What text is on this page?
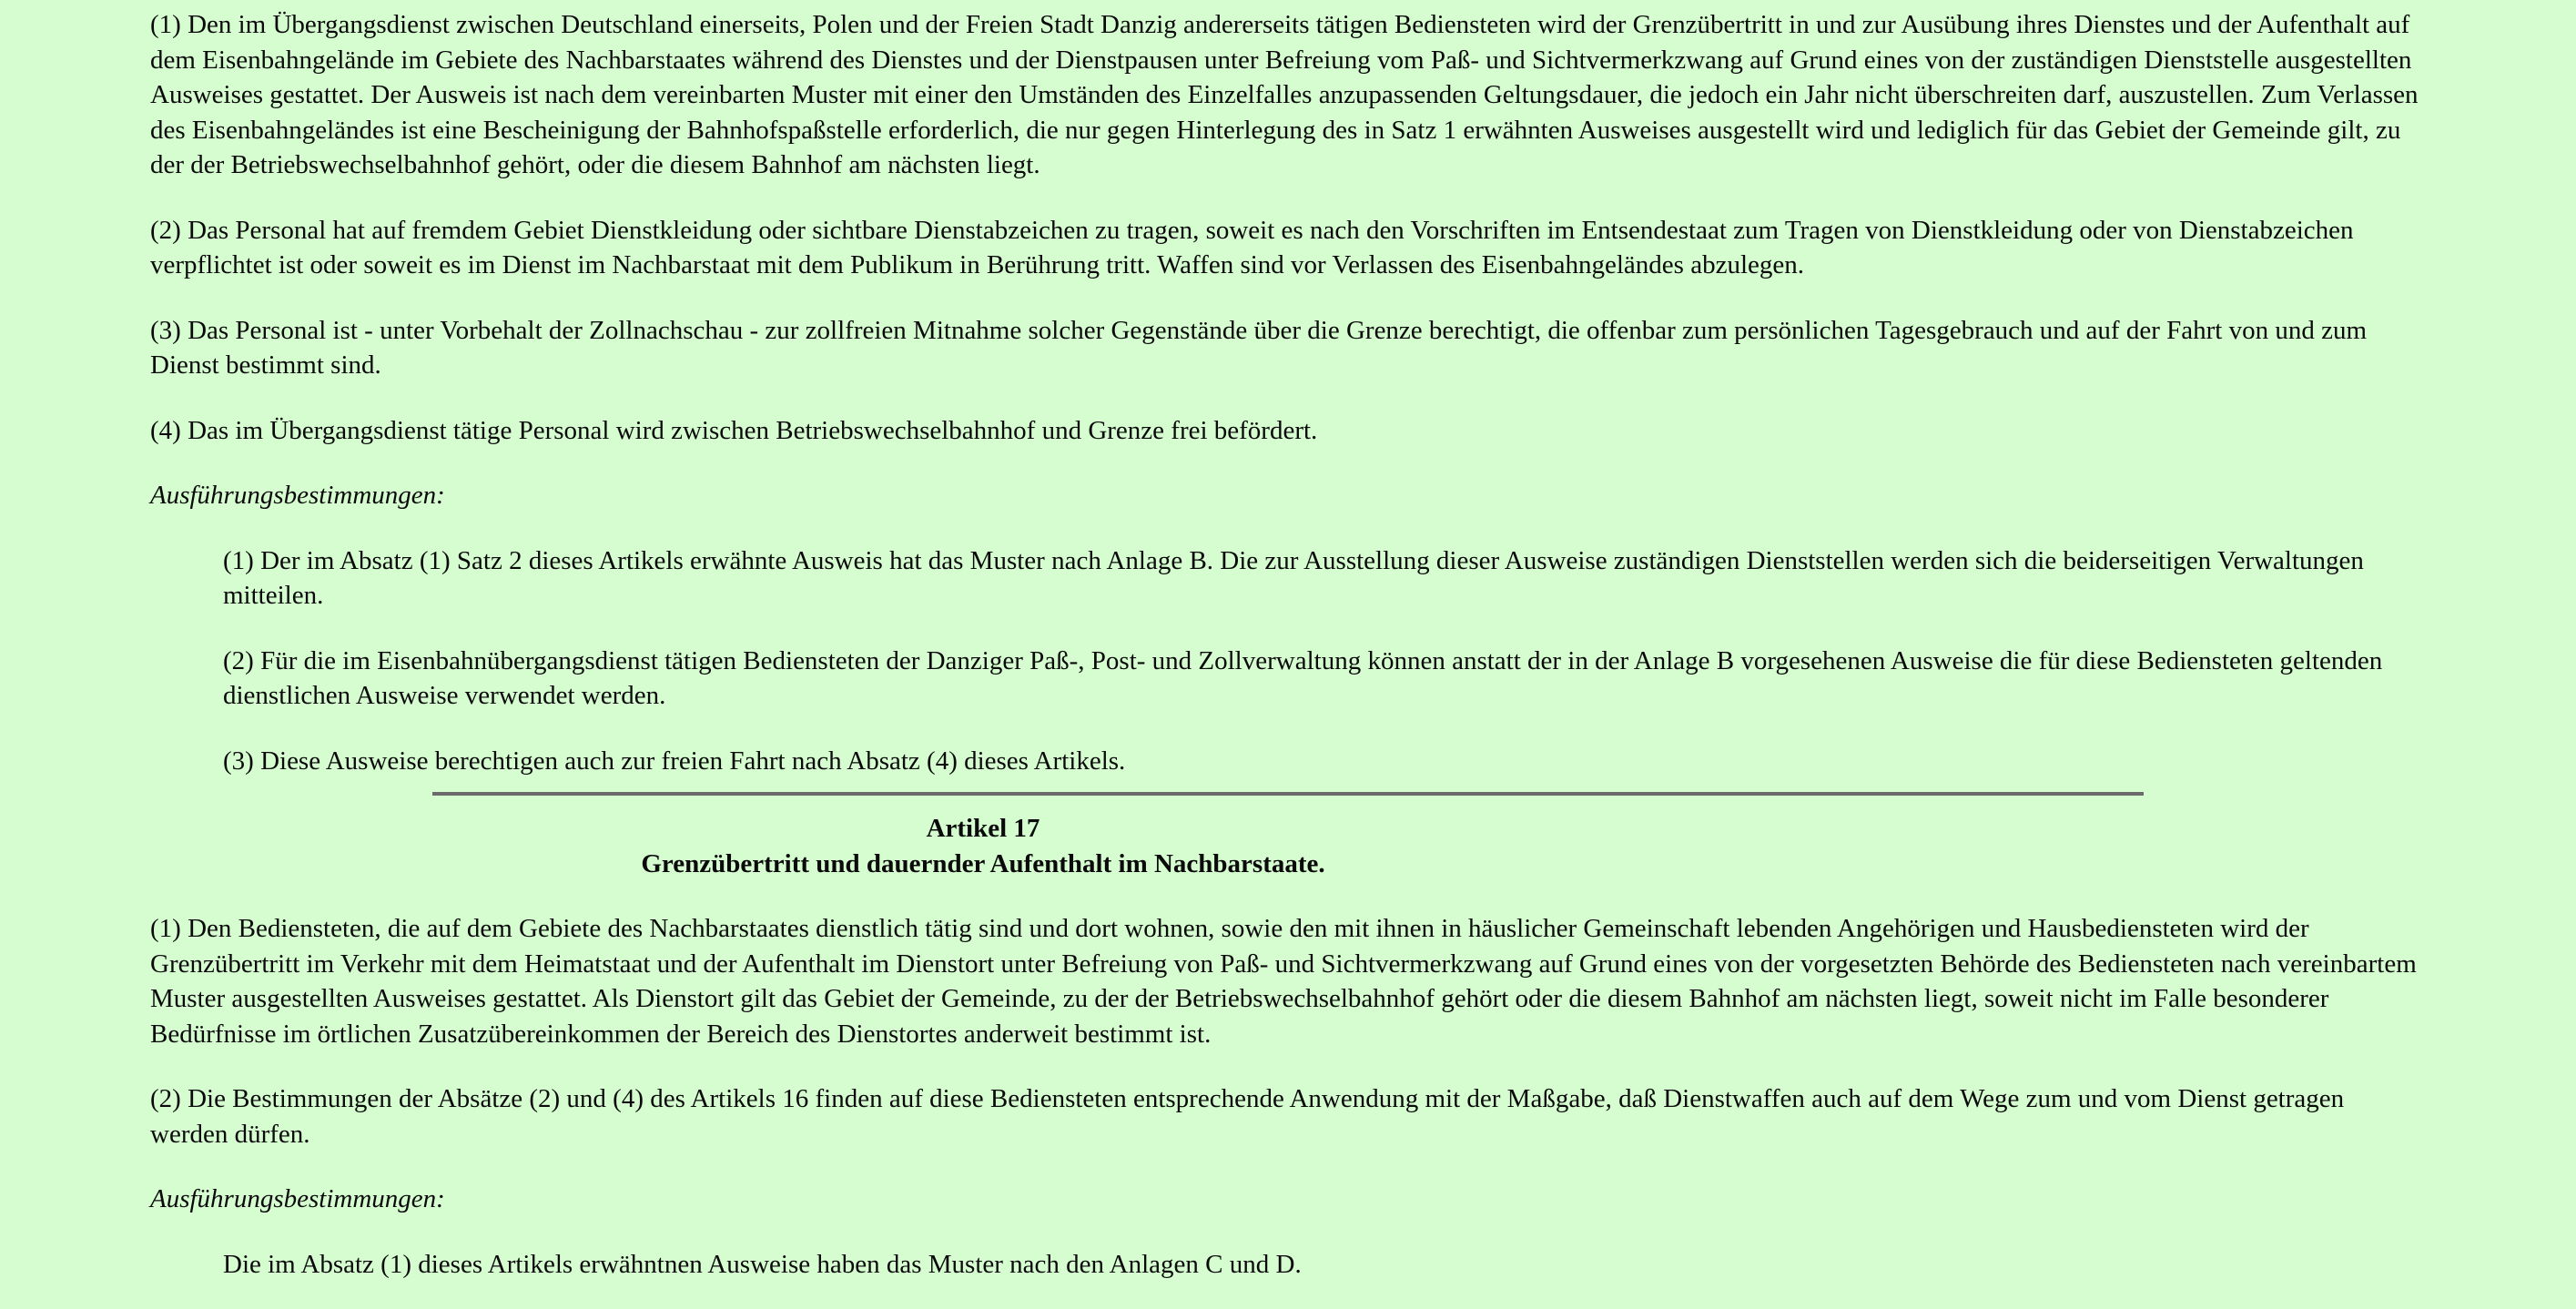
(1) Den im Übergangsdienst zwischen Deutschland einerseits, Polen und der Freien Stadt Danzig andererseits tätigen Bediensteten wird der Grenzübertritt in und zur Ausübung ihres Dienstes und der Aufenthalt auf dem Eisenbahngelände im Gebiete des Nachbarstaates während des Dienstes und der Dienstpausen unter Befreiung vom Paß- und Sichtvermerkzwang auf Grund eines von der zuständigen Dienststelle ausgestellten Ausweises gestattet. Der Ausweis ist nach dem vereinbarten Muster mit einer den Umständen des Einzelfalles anzupassenden Geltungsdauer, die jedoch ein Jahr nicht überschreiten darf, auszustellen. Zum Verlassen des Eisenbahngeländes ist eine Bescheinigung der Bahnhofspaßstelle erforderlich, die nur gegen Hinterlegung des in Satz 1 erwähnten Ausweises ausgestellt wird und lediglich für das Gebiet der Gemeinde gilt, zu der der Betriebswechselbahnhof gehört, oder die diesem Bahnhof am nächsten liegt.

(2) Das Personal hat auf fremdem Gebiet Dienstkleidung oder sichtbare Dienstabzeichen zu tragen, soweit es nach den Vorschriften im Entsendestaat zum Tragen von Dienstkleidung oder von Dienstabzeichen verpflichtet ist oder soweit es im Dienst im Nachbarstaat mit dem Publikum in Berührung tritt. Waffen sind vor Verlassen des Eisenbahngeländes abzulegen.

(3) Das Personal ist - unter Vorbehalt der Zollnachschau - zur zollfreien Mitnahme solcher Gegenstände über die Grenze berechtigt, die offenbar zum persönlichen Tagesgebrauch und auf der Fahrt von und zum Dienst bestimmt sind.

(4) Das im Übergangsdienst tätige Personal wird zwischen Betriebswechselbahnhof und Grenze frei befördert.

Ausführungsbestimmungen:

(1) Der im Absatz (1) Satz 2 dieses Artikels erwähnte Ausweis hat das Muster nach Anlage B. Die zur Ausstellung dieser Ausweise zuständigen Dienststellen werden sich die beiderseitigen Verwaltungen mitteilen.

(2) Für die im Eisenbahnübergangsdienst tätigen Bediensteten der Danziger Paß-, Post- und Zollverwaltung können anstatt der in der Anlage B vorgesehenen Ausweise die für diese Bediensteten geltenden dienstlichen Ausweise verwendet werden.

(3) Diese Ausweise berechtigen auch zur freien Fahrt nach Absatz (4) dieses Artikels.

Artikel 17

Grenzübertritt und dauernder Aufenthalt im Nachbarstaate.

(1) Den Bediensteten, die auf dem Gebiete des Nachbarstaates dienstlich tätig sind und dort wohnen, sowie den mit ihnen in häuslicher Gemeinschaft lebenden Angehörigen und Hausbediensteten wird der Grenzübertritt im Verkehr mit dem Heimatstaat und der Aufenthalt im Dienstort unter Befreiung von Paß- und Sichtvermerkzwang auf Grund eines von der vorgesetzten Behörde des Bediensteten nach vereinbartem Muster ausgestellten Ausweises gestattet. Als Dienstort gilt das Gebiet der Gemeinde, zu der der Betriebswechselbahnhof gehört oder die diesem Bahnhof am nächsten liegt, soweit nicht im Falle besonderer Bedürfnisse im örtlichen Zusatzübereinkommen der Bereich des Dienstortes anderweit bestimmt ist.

(2) Die Bestimmungen der Absätze (2) und (4) des Artikels 16 finden auf diese Bediensteten entsprechende Anwendung mit der Maßgabe, daß Dienstwaffen auch auf dem Wege zum und vom Dienst getragen werden dürfen.

Ausführungsbestimmungen:

Die im Absatz (1) dieses Artikels erwähntnen Ausweise haben das Muster nach den Anlagen C und D.
